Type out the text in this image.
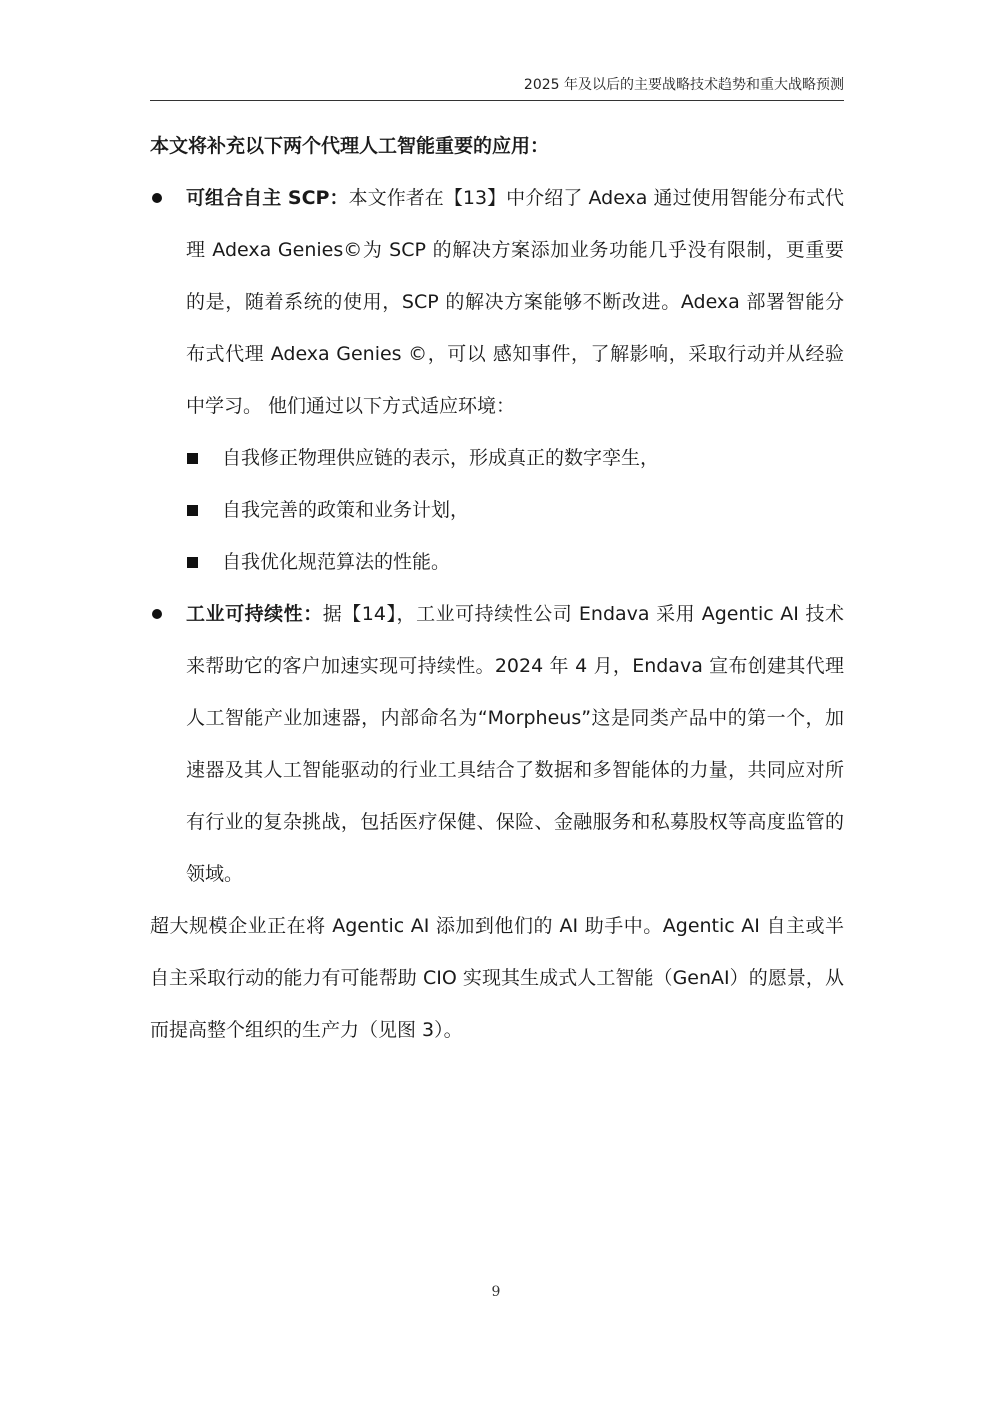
2025 年及以后的主要战略技术趋势和重大战略预测

本文将补充以下两个代理人工智能重要的应用：

可组合自主 SCP：本文作者在【13】中介绍了 Adexa 通过使用智能分布式代理 Adexa Genies©为 SCP 的解决方案添加业务功能几乎没有限制，更重要的是，随着系统的使用，SCP 的解决方案能够不断改进。Adexa 部署智能分布式代理 Adexa Genies ©，可以 感知事件，了解影响，采取行动并从经验中学习。 他们通过以下方式适应环境：
自我修正物理供应链的表示，形成真正的数字孪生，
自我完善的政策和业务计划，
自我优化规范算法的性能。
工业可持续性：据【14】，工业可持续性公司 Endava 采用 Agentic AI 技术来帮助它的客户加速实现可持续性。2024 年 4 月，Endava 宣布创建其代理人工智能产业加速器，内部命名为“Morpheus”这是同类产品中的第一个，加速器及其人工智能驱动的行业工具结合了数据和多智能体的力量，共同应对所有行业的复杂挑战，包括医疗保健、保险、金融服务和私募股权等高度监管的领域。

超大规模企业正在将 Agentic AI 添加到他们的 AI 助手中。Agentic AI 自主或半自主采取行动的能力有可能帮助 CIO 实现其生成式人工智能（GenAI）的愿景，从而提高整个组织的生产力（见图 3）。

9
